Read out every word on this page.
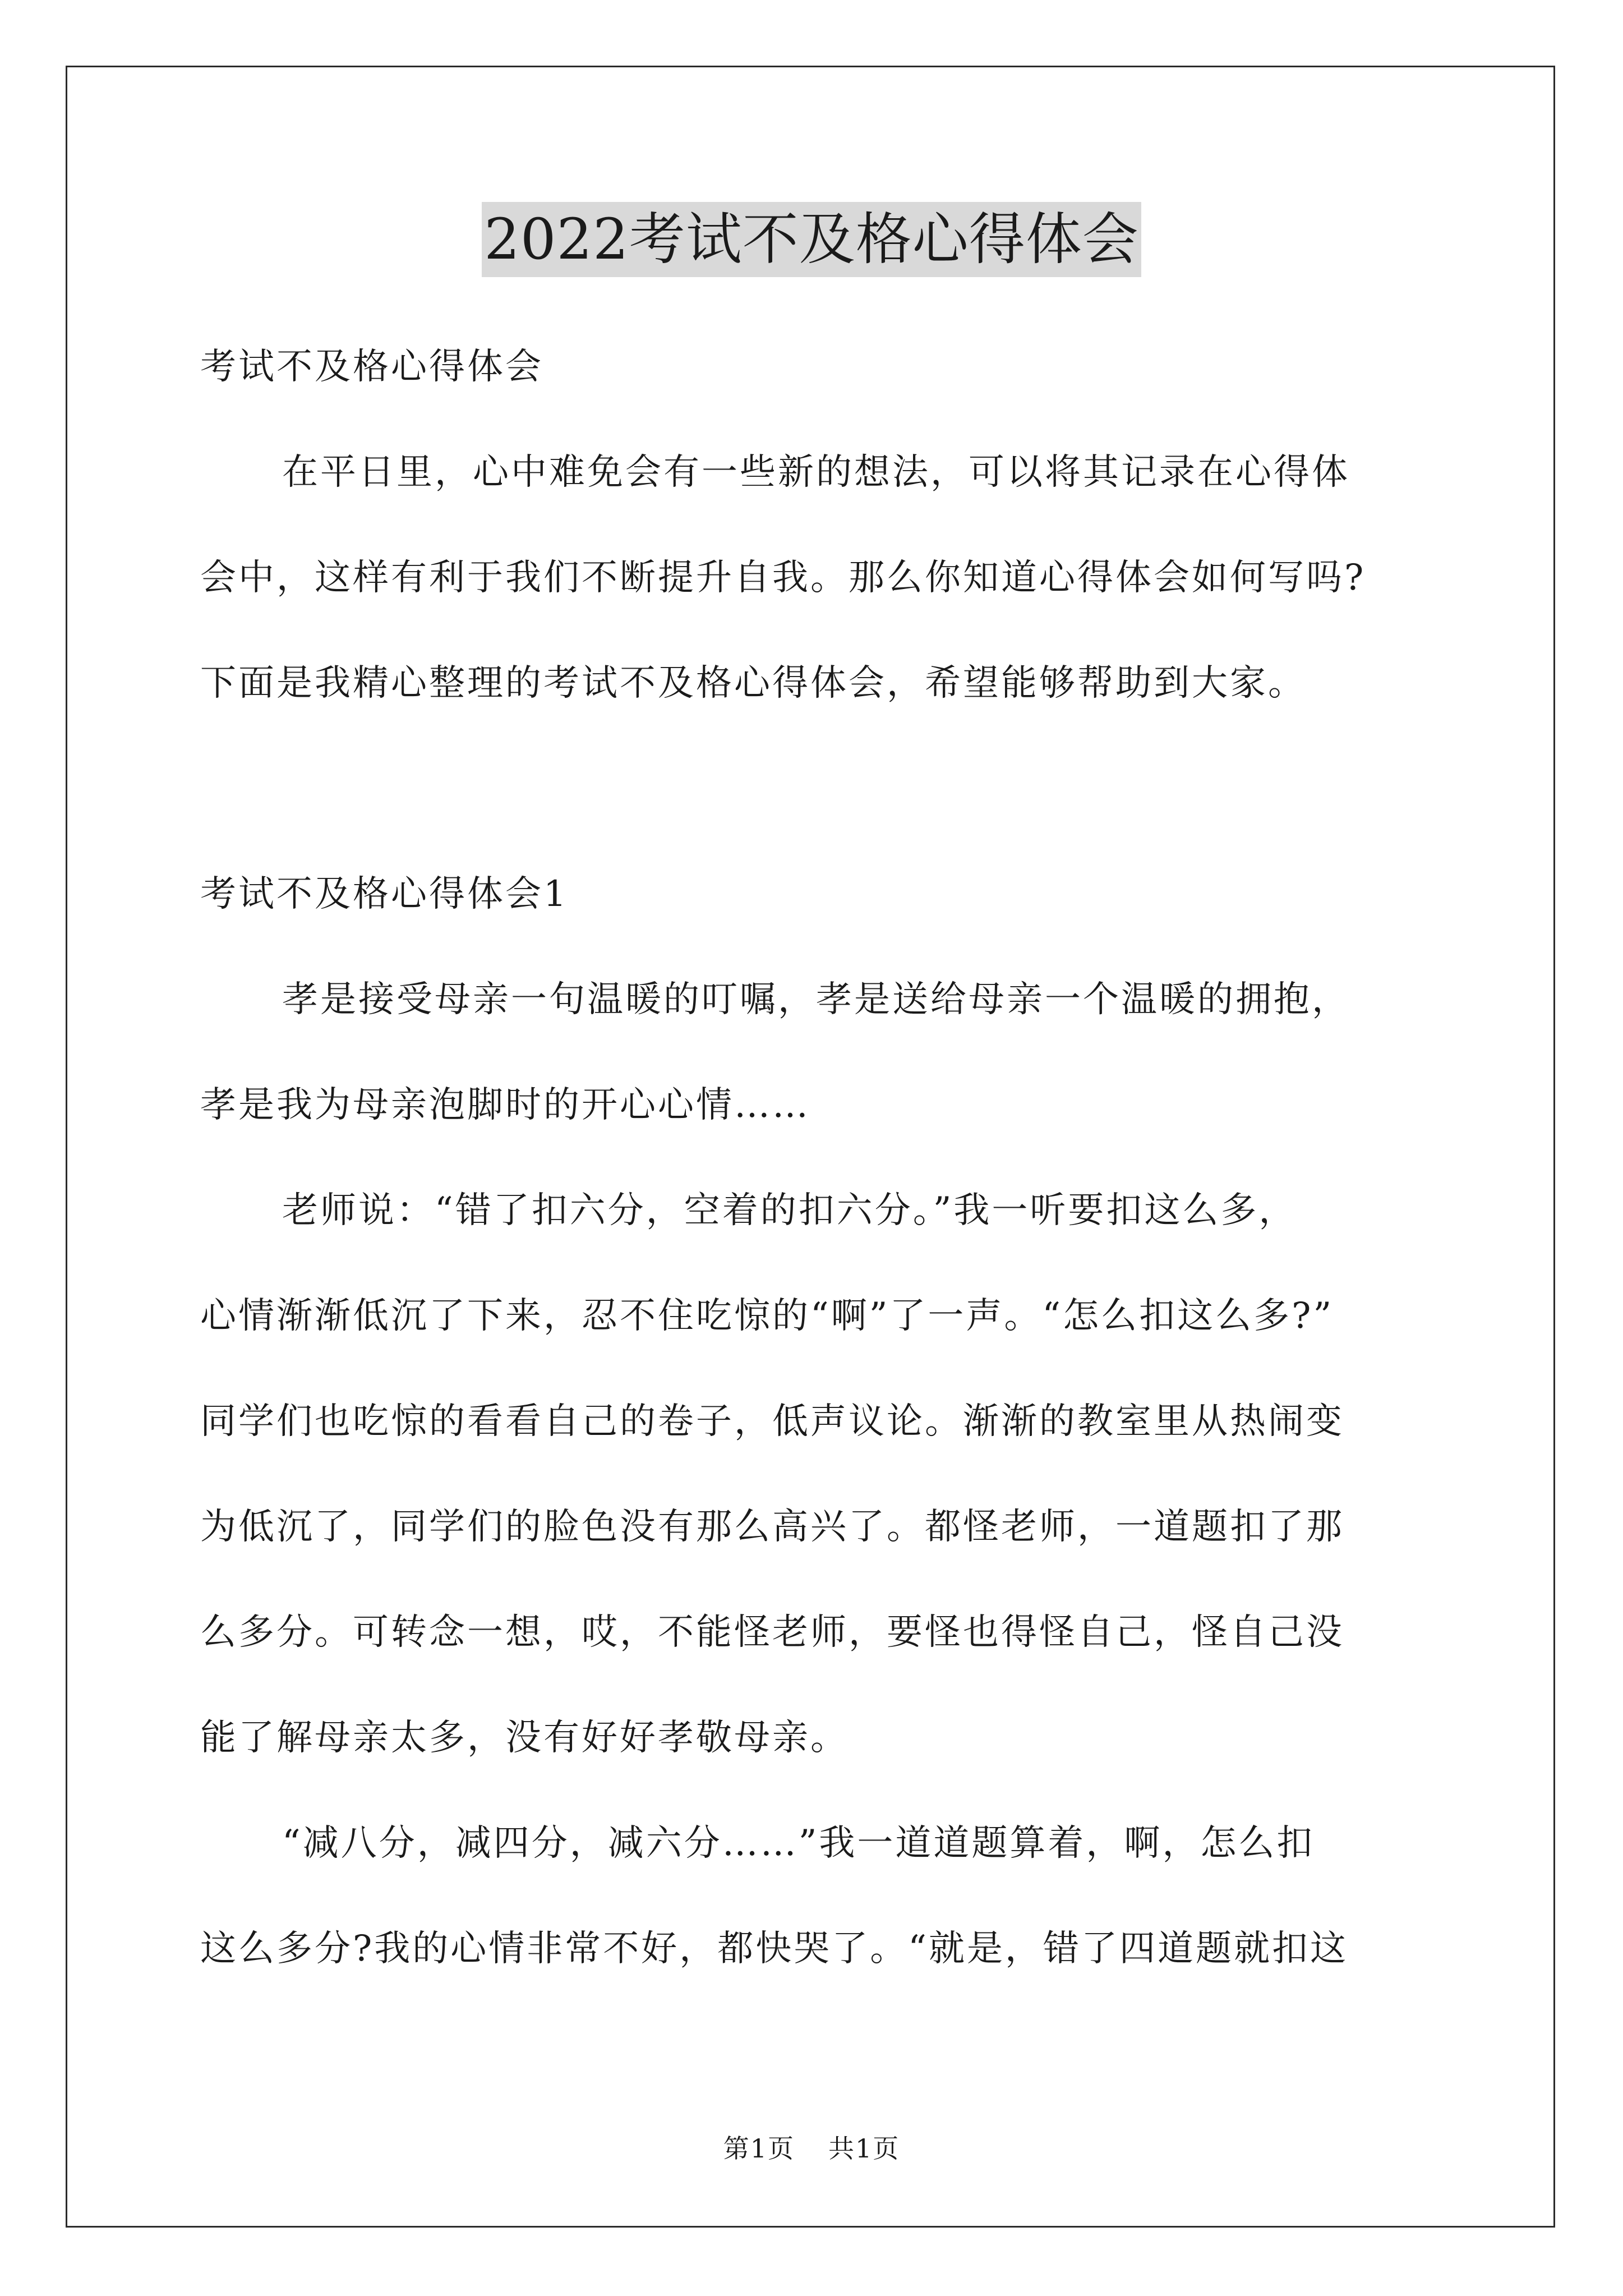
2022考试不及格心得体会

考试不及格心得体会

在平日里，心中难免会有一些新的想法，可以将其记录在心得体

会中，这样有利于我们不断提升自我。那么你知道心得体会如何写吗?

下面是我精心整理的考试不及格心得体会，希望能够帮助到大家。

考试不及格心得体会1

孝是接受母亲一句温暖的叮嘱，孝是送给母亲一个温暖的拥抱，

孝是我为母亲泡脚时的开心心情……

老师说：“错了扣六分，空着的扣六分。”我一听要扣这么多，

心情渐渐低沉了下来，忍不住吃惊的“啊”了一声。“怎么扣这么多?”

同学们也吃惊的看看自己的卷子，低声议论。渐渐的教室里从热闹变

为低沉了，同学们的脸色没有那么高兴了。都怪老师，一道题扣了那

么多分。可转念一想，哎，不能怪老师，要怪也得怪自己，怪自己没

能了解母亲太多，没有好好孝敬母亲。

“减八分，减四分，减六分……”我一道道题算着，啊，怎么扣

这么多分?我的心情非常不好，都快哭了。“就是，错了四道题就扣这

第1页 共1页
